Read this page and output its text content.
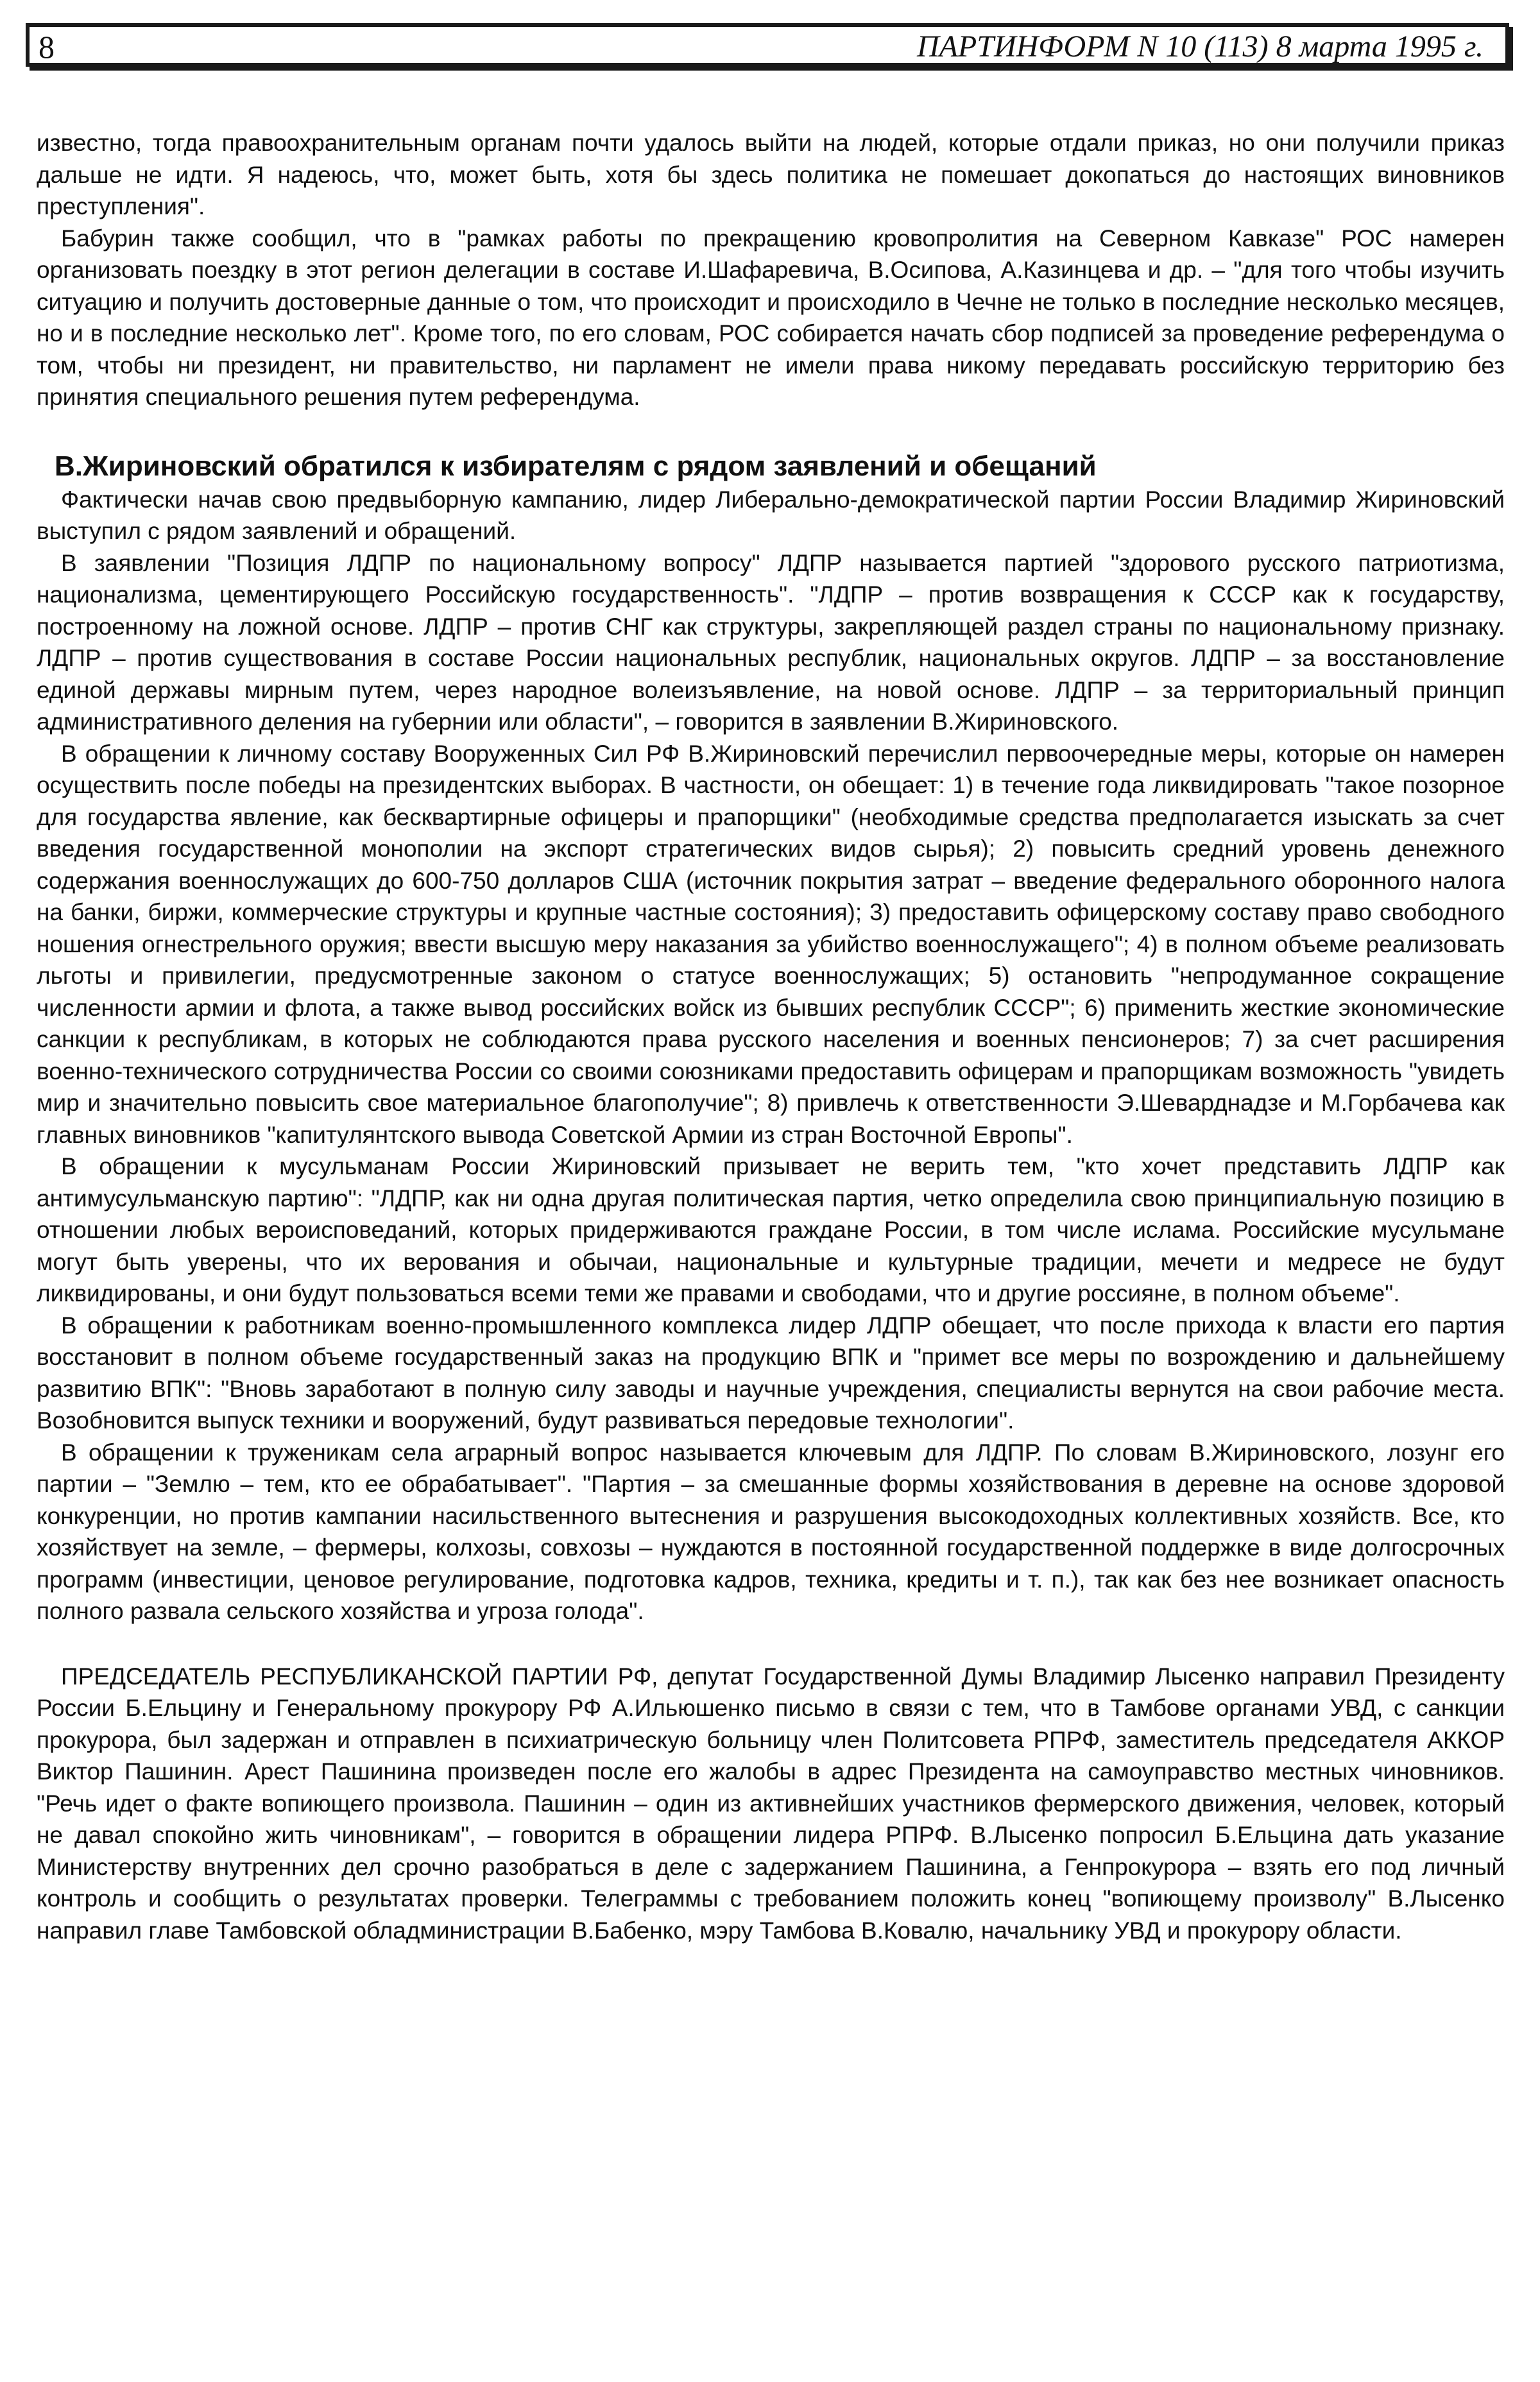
8	ПАРТИНФОРМ N 10 (113) 8 марта 1995 г.

известно, тогда правоохранительным органам почти удалось выйти на людей, которые отдали приказ, но они получили приказ дальше не идти. Я надеюсь, что, может быть, хотя бы здесь политика не помешает докопаться до настоящих виновников преступления".

Бабурин также сообщил, что в "рамках работы по прекращению кровопролития на Северном Кавказе" РОС намерен организовать поездку в этот регион делегации в составе И.Шафаревича, В.Осипова, А.Казинцева и др. – "для того чтобы изучить ситуацию и получить достоверные данные о том, что происходит и происходило в Чечне не только в последние несколько месяцев, но и в последние несколько лет". Кроме того, по его словам, РОС собирается начать сбор подписей за проведение референдума о том, чтобы ни президент, ни правительство, ни парламент не имели права никому передавать российскую территорию без принятия специального решения путем референдума.

В.Жириновский обратился к избирателям с рядом заявлений и обещаний

Фактически начав свою предвыборную кампанию, лидер Либерально-демократической партии России Владимир Жириновский выступил с рядом заявлений и обращений.

В заявлении "Позиция ЛДПР по национальному вопросу" ЛДПР называется партией "здорового русского патриотизма, национализма, цементирующего Российскую государственность". "ЛДПР – против возвращения к СССР как к государству, построенному на ложной основе. ЛДПР – против СНГ как структуры, закрепляющей раздел страны по национальному признаку. ЛДПР – против существования в составе России национальных республик, национальных округов. ЛДПР – за восстановление единой державы мирным путем, через народное волеизъявление, на новой основе. ЛДПР – за территориальный принцип административного деления на губернии или области", – говорится в заявлении В.Жириновского.

В обращении к личному составу Вооруженных Сил РФ В.Жириновский перечислил первоочередные меры, которые он намерен осуществить после победы на президентских выборах. В частности, он обещает: 1) в течение года ликвидировать "такое позорное для государства явление, как бесквартирные офицеры и прапорщики" (необходимые средства предполагается изыскать за счет введения государственной монополии на экспорт стратегических видов сырья); 2) повысить средний уровень денежного содержания военнослужащих до 600-750 долларов США (источник покрытия затрат – введение федерального оборонного налога на банки, биржи, коммерческие структуры и крупные частные состояния); 3) предоставить офицерскому составу право свободного ношения огнестрельного оружия; ввести высшую меру наказания за убийство военнослужащего"; 4) в полном объеме реализовать льготы и привилегии, предусмотренные законом о статусе военнослужащих; 5) остановить "непродуманное сокращение численности армии и флота, а также вывод российских войск из бывших республик СССР"; 6) применить жесткие экономические санкции к республикам, в которых не соблюдаются права русского населения и военных пенсионеров; 7) за счет расширения военно-технического сотрудничества России со своими союзниками предоставить офицерам и прапорщикам возможность "увидеть мир и значительно повысить свое материальное благополучие"; 8) привлечь к ответственности Э.Шеварднадзе и М.Горбачева как главных виновников "капитулянтского вывода Советской Армии из стран Восточной Европы".

В обращении к мусульманам России Жириновский призывает не верить тем, "кто хочет представить ЛДПР как антимусульманскую партию": "ЛДПР, как ни одна другая политическая партия, четко определила свою принципиальную позицию в отношении любых вероисповеданий, которых придерживаются граждане России, в том числе ислама. Российские мусульмане могут быть уверены, что их верования и обычаи, национальные и культурные традиции, мечети и медресе не будут ликвидированы, и они будут пользоваться всеми теми же правами и свободами, что и другие россияне, в полном объеме".

В обращении к работникам военно-промышленного комплекса лидер ЛДПР обещает, что после прихода к власти его партия восстановит в полном объеме государственный заказ на продукцию ВПК и "примет все меры по возрождению и дальнейшему развитию ВПК": "Вновь заработают в полную силу заводы и научные учреждения, специалисты вернутся на свои рабочие места. Возобновится выпуск техники и вооружений, будут развиваться передовые технологии".

В обращении к труженикам села аграрный вопрос называется ключевым для ЛДПР. По словам В.Жириновского, лозунг его партии – "Землю – тем, кто ее обрабатывает". "Партия – за смешанные формы хозяйствования в деревне на основе здоровой конкуренции, но против кампании насильственного вытеснения и разрушения высокодоходных коллективных хозяйств. Все, кто хозяйствует на земле, – фермеры, колхозы, совхозы – нуждаются в постоянной государственной поддержке в виде долгосрочных программ (инвестиции, ценовое регулирование, подготовка кадров, техника, кредиты и т. п.), так как без нее возникает опасность полного развала сельского хозяйства и угроза голода".

ПРЕДСЕДАТЕЛЬ РЕСПУБЛИКАНСКОЙ ПАРТИИ РФ, депутат Государственной Думы Владимир Лысенко направил Президенту России Б.Ельцину и Генеральному прокурору РФ А.Ильюшенко письмо в связи с тем, что в Тамбове органами УВД, с санкции прокурора, был задержан и отправлен в психиатрическую больницу член Политсовета РПРФ, заместитель председателя АККОР Виктор Пашинин. Арест Пашинина произведен после его жалобы в адрес Президента на самоуправство местных чиновников. "Речь идет о факте вопиющего произвола. Пашинин – один из активнейших участников фермерского движения, человек, который не давал спокойно жить чиновникам", – говорится в обращении лидера РПРФ. В.Лысенко попросил Б.Ельцина дать указание Министерству внутренних дел срочно разобраться в деле с задержанием Пашинина, а Генпрокурора – взять его под личный контроль и сообщить о результатах проверки. Телеграммы с требованием положить конец "вопиющему произволу" В.Лысенко направил главе Тамбовской обладминистрации В.Бабенко, мэру Тамбова В.Ковалю, начальнику УВД и прокурору области.
